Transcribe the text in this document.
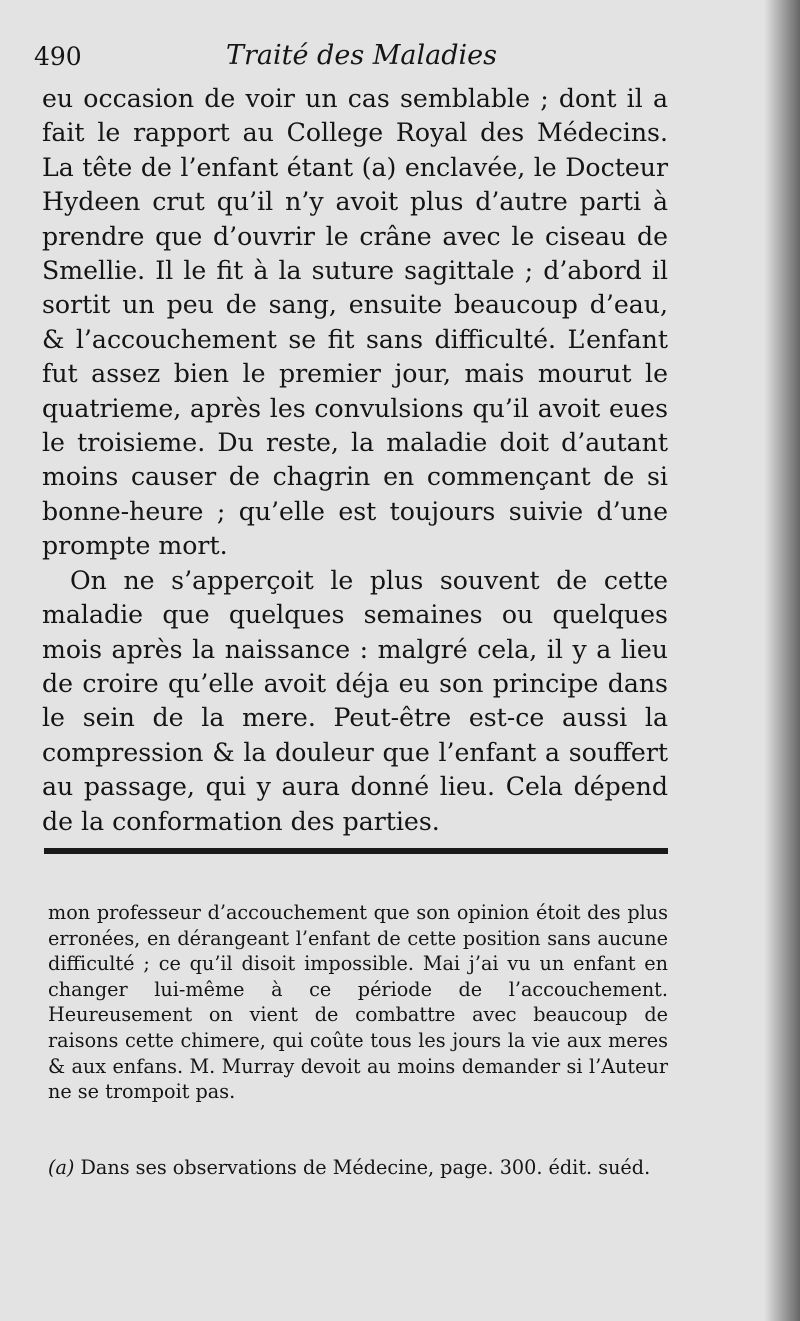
490	Traité des Maladies

eu occasion de voir un cas semblable ; dont il a fait le rapport au College Royal des Médecins. La tête de l’enfant étant (a) enclavée, le Docteur Hydeen crut qu’il n’y avoit plus d’autre parti à prendre que d’ouvrir le crâne avec le ciseau de Smellie. Il le fit à la suture sagittale ; d’abord il sortit un peu de sang, ensuite beaucoup d’eau, & l’accouchement se fit sans difficulté. L’enfant fut assez bien le premier jour, mais mourut le quatrieme, après les convulsions qu’il avoit eues le troisieme. Du reste, la maladie doit d’autant moins causer de chagrin en commençant de si bonne-heure ; qu’elle est toujours suivie d’une prompte mort.

On ne s’apperçoit le plus souvent de cette maladie que quelques semaines ou quelques mois après la naissance : malgré cela, il y a lieu de croire qu’elle avoit déja eu son principe dans le sein de la mere. Peut-être est-ce aussi la compression & la douleur que l’enfant a souffert au passage, qui y aura donné lieu. Cela dépend de la conformation des parties.

mon professeur d’accouchement que son opinion étoit des plus erronées, en dérangeant l’enfant de cette position sans aucune difficulté ; ce qu’il disoit impossible. Mai j’ai vu un enfant en changer lui-même à ce période de l’accouchement. Heureusement on vient de combattre avec beaucoup de raisons cette chimere, qui coûte tous les jours la vie aux meres & aux enfans. M. Murray devoit au moins demander si l’Auteur ne se trompoit pas.

(a) Dans ses observations de Médecine, page. 300. édit. suéd.
